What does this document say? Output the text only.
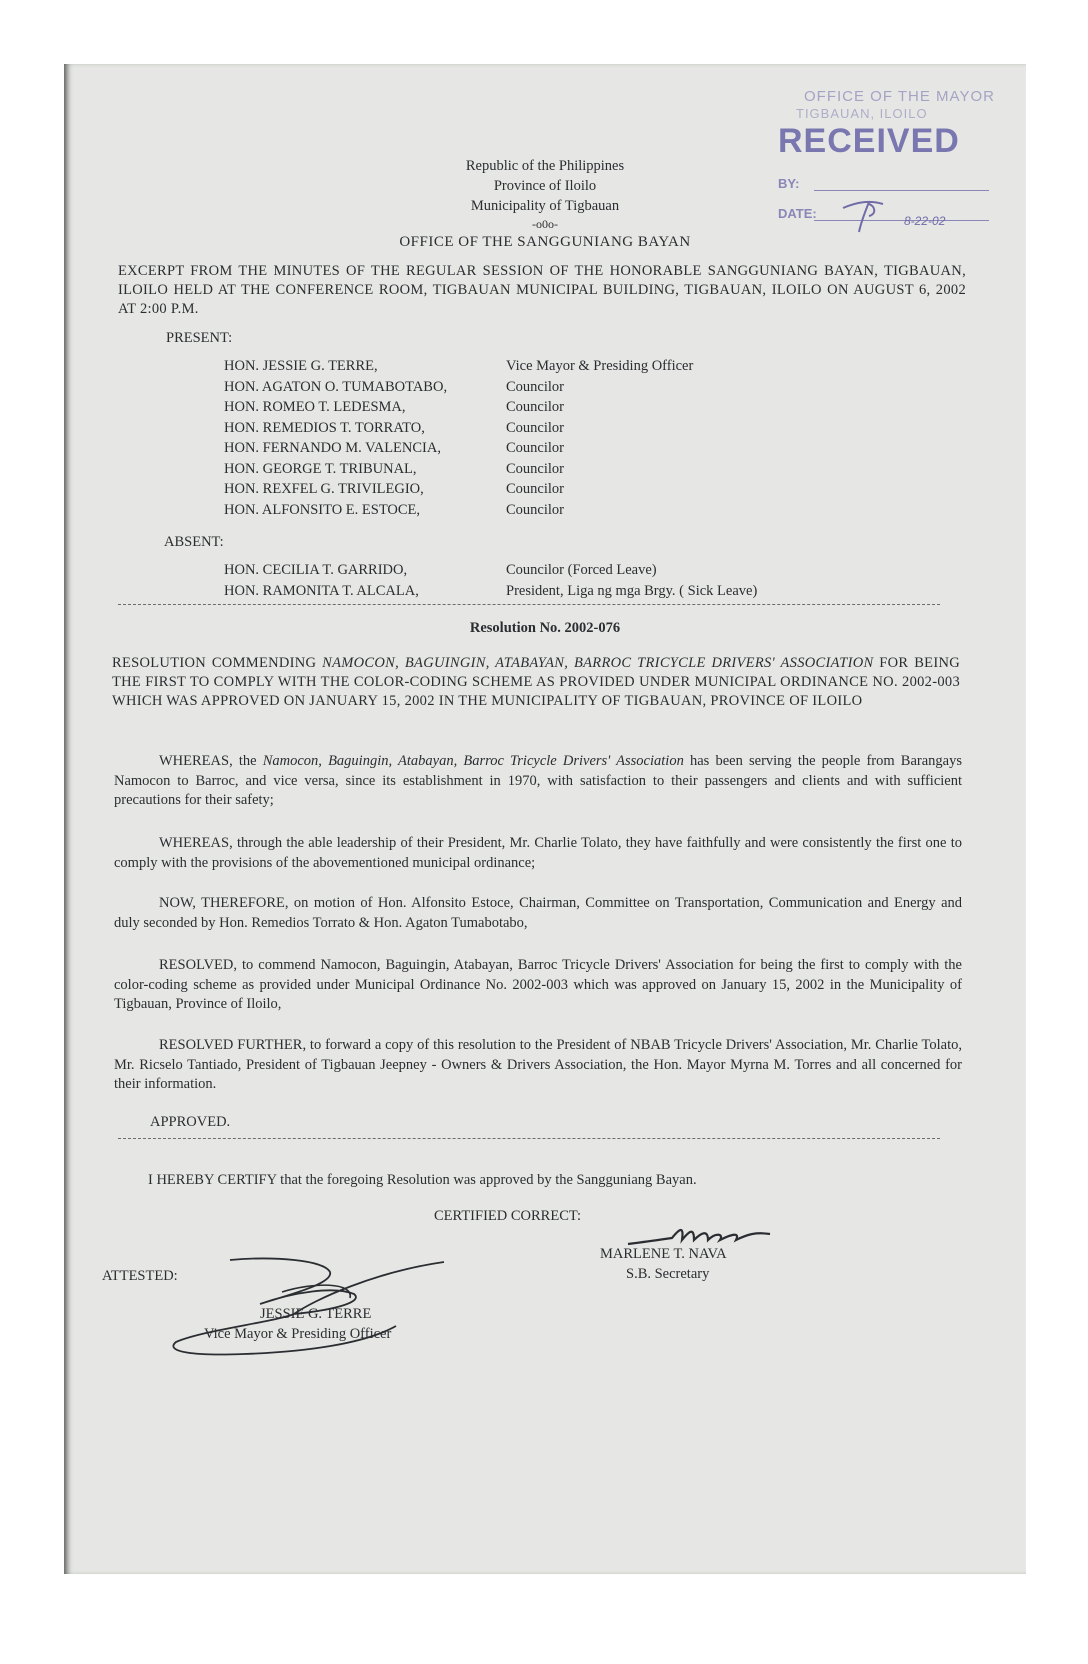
OFFICE OF THE MAYOR
TIGBAUAN, ILOILO
RECEIVED
BY:
DATE:	8-22-02
Republic of the Philippines
Province of Iloilo
Municipality of Tigbauan
-o0o-
OFFICE OF THE SANGGUNIANG BAYAN
EXCERPT FROM THE MINUTES OF THE REGULAR SESSION OF THE HONORABLE SANGGUNIANG BAYAN, TIGBAUAN, ILOILO HELD AT THE CONFERENCE ROOM, TIGBAUAN MUNICIPAL BUILDING, TIGBAUAN, ILOILO ON AUGUST 6, 2002 AT 2:00 P.M.
PRESENT:
HON. JESSIE G. TERRE,	Vice Mayor & Presiding Officer
HON. AGATON O. TUMABOTABO,	Councilor
HON. ROMEO T. LEDESMA,	Councilor
HON. REMEDIOS T. TORRATO,	Councilor
HON. FERNANDO M. VALENCIA,	Councilor
HON. GEORGE T. TRIBUNAL,	Councilor
HON. REXFEL G. TRIVILEGIO,	Councilor
HON. ALFONSITO E. ESTOCE,	Councilor
ABSENT:
HON. CECILIA T. GARRIDO,	Councilor (Forced Leave)
HON. RAMONITA T. ALCALA,	President, Liga ng mga Brgy. ( Sick Leave)
Resolution No. 2002-076
RESOLUTION COMMENDING NAMOCON, BAGUINGIN, ATABAYAN, BARROC TRICYCLE DRIVERS' ASSOCIATION FOR BEING THE FIRST TO COMPLY WITH THE COLOR-CODING SCHEME AS PROVIDED UNDER MUNICIPAL ORDINANCE NO. 2002-003 WHICH WAS APPROVED ON JANUARY 15, 2002 IN THE MUNICIPALITY OF TIGBAUAN, PROVINCE OF ILOILO
WHEREAS, the Namocon, Baguingin, Atabayan, Barroc Tricycle Drivers' Association has been serving the people from Barangays Namocon to Barroc, and vice versa, since its establishment in 1970, with satisfaction to their passengers and clients and with sufficient precautions for their safety;
WHEREAS, through the able leadership of their President, Mr. Charlie Tolato, they have faithfully and were consistently the first one to comply with the provisions of the abovementioned municipal ordinance;
NOW, THEREFORE, on motion of Hon. Alfonsito Estoce, Chairman, Committee on Transportation, Communication and Energy and duly seconded by Hon. Remedios Torrato & Hon. Agaton Tumabotabo,
RESOLVED, to commend Namocon, Baguingin, Atabayan, Barroc Tricycle Drivers' Association for being the first to comply with the color-coding scheme as provided under Municipal Ordinance No. 2002-003 which was approved on January 15, 2002 in the Municipality of Tigbauan, Province of Iloilo,
RESOLVED FURTHER, to forward a copy of this resolution to the President of NBAB Tricycle Drivers' Association, Mr. Charlie Tolato, Mr. Ricselo Tantiado, President of Tigbauan Jeepney - Owners & Drivers Association, the Hon. Mayor Myrna M. Torres and all concerned for their information.
APPROVED.
I HEREBY CERTIFY that the foregoing Resolution was approved by the Sangguniang Bayan.
CERTIFIED CORRECT:
MARLENE T. NAVA
S.B. Secretary
ATTESTED:
JESSIE G. TERRE
Vice Mayor & Presiding Officer
